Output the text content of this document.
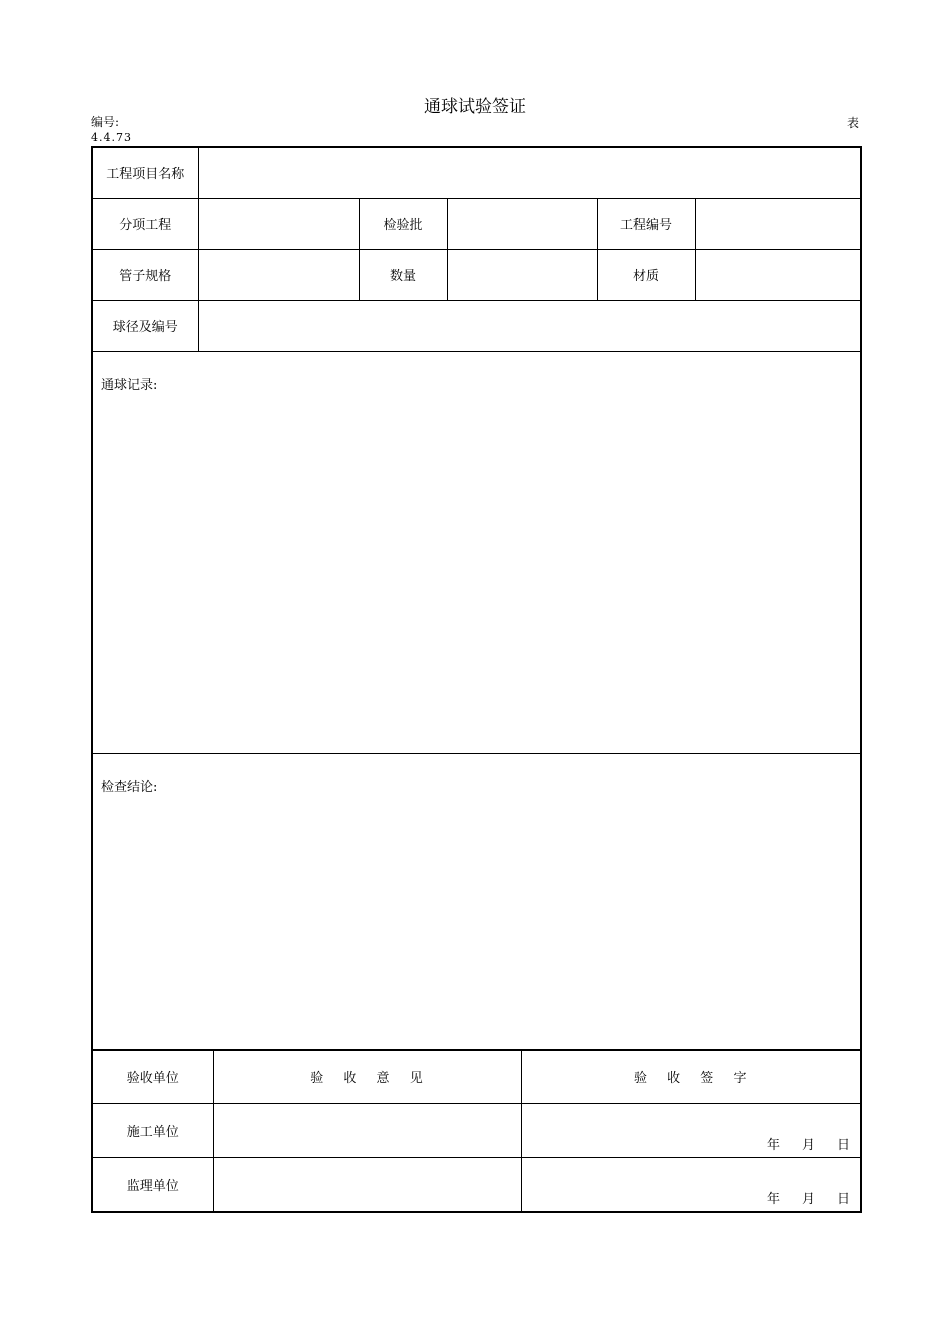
通球试验签证
编号:	表
4.4.73
工程项目名称					
分项工程		检验批		工程编号	
管子规格		数量		材质	
球径及编号					
通球记录:					
检查结论:					
验收单位	验 收 意 见	验 收 签 字
施工单位		年 月 日

监理单位		年 月 日
